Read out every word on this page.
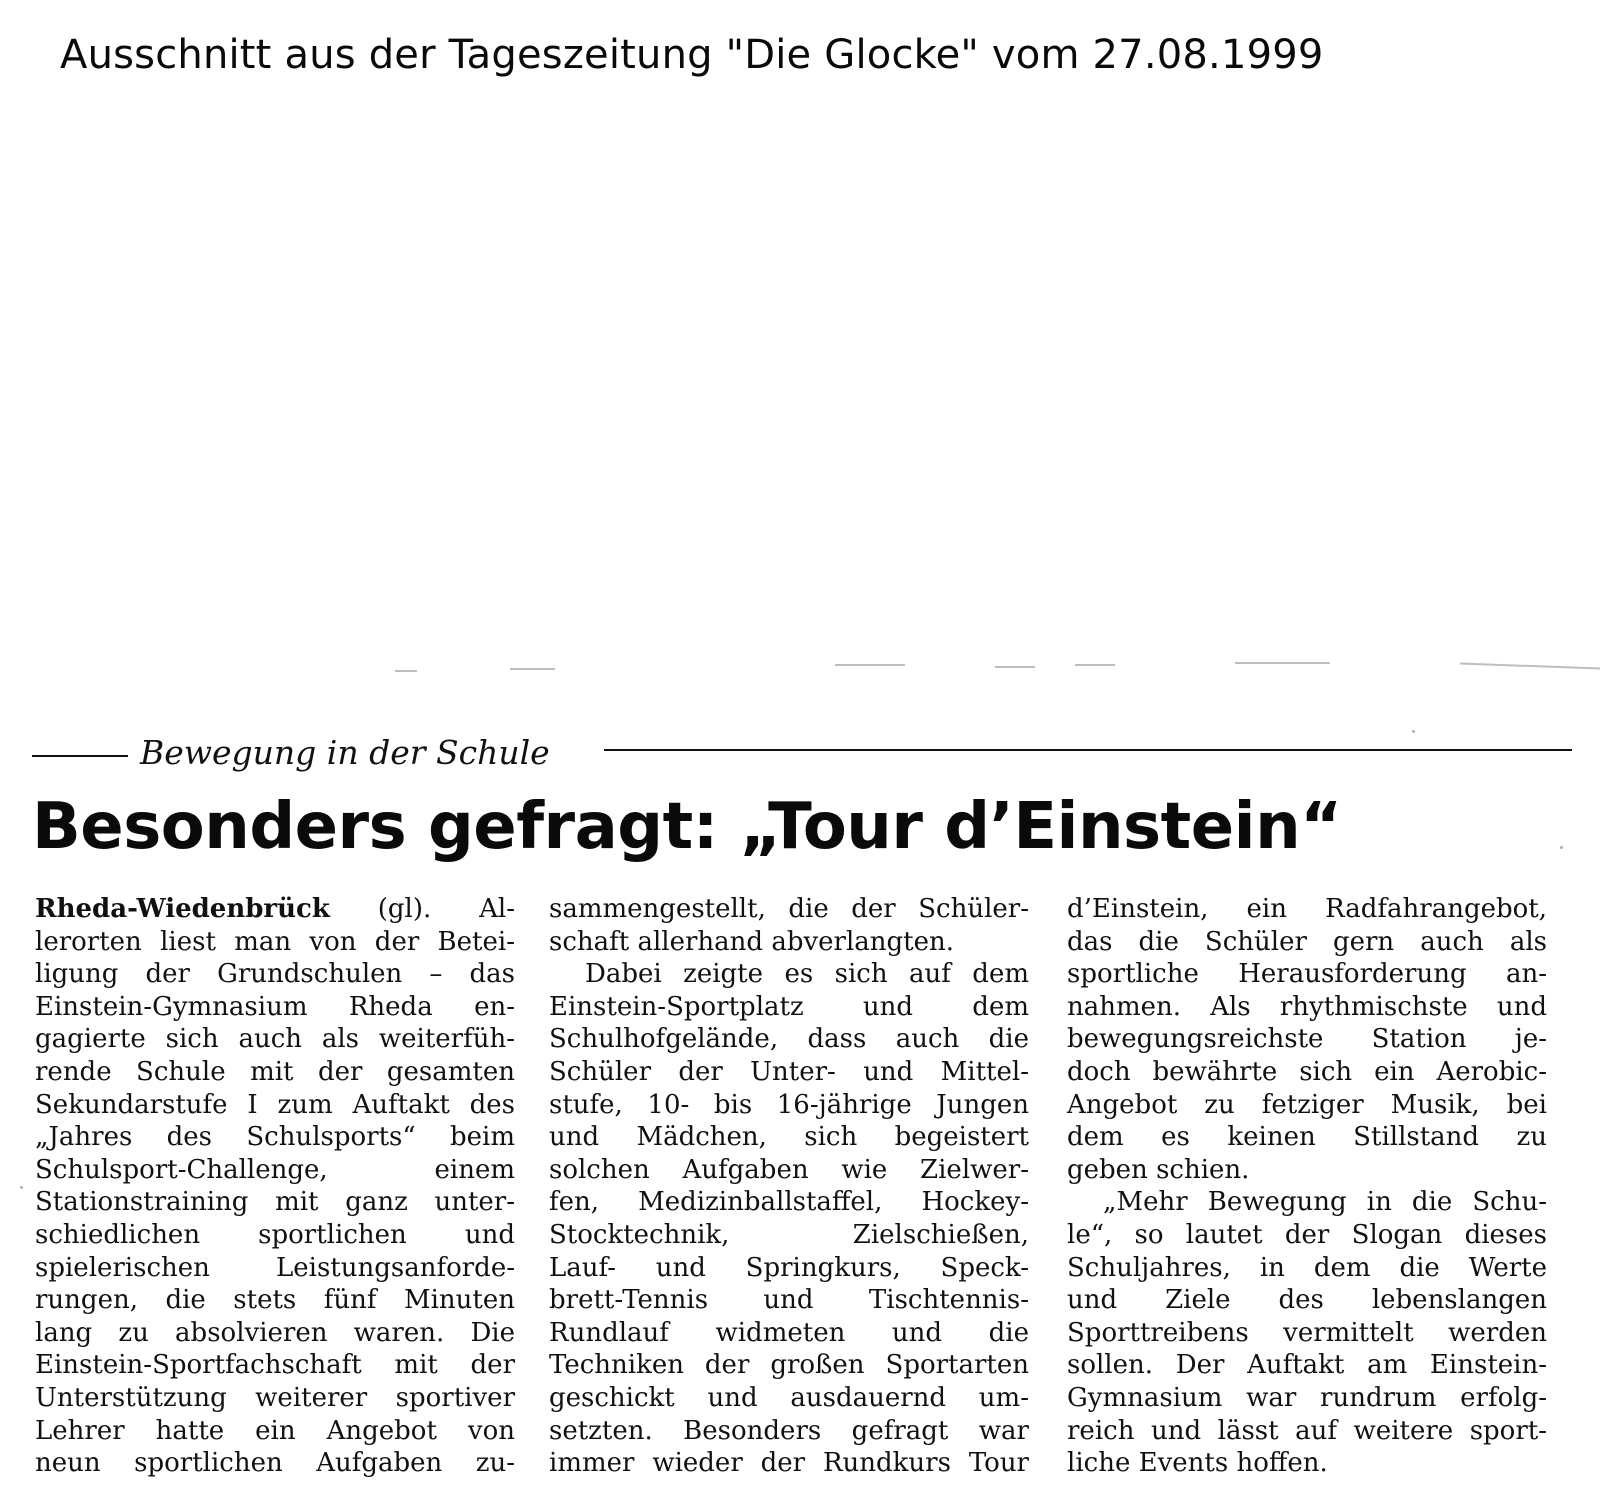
Ausschnitt aus der Tageszeitung "Die Glocke" vom 27.08.1999
Bewegung in der Schule
Besonders gefragt: „Tour d’Einstein“
Rheda-Wiedenbrück (gl). Al-
lerorten liest man von der Betei-
ligung der Grundschulen – das
Einstein-Gymnasium Rheda en-
gagierte sich auch als weiterfüh-
rende Schule mit der gesamten
Sekundarstufe I zum Auftakt des
„Jahres des Schulsports“ beim
Schulsport-Challenge, einem
Stationstraining mit ganz unter-
schiedlichen sportlichen und
spielerischen Leistungsanforde-
rungen, die stets fünf Minuten
lang zu absolvieren waren. Die
Einstein-Sportfachschaft mit der
Unterstützung weiterer sportiver
Lehrer hatte ein Angebot von
neun sportlichen Aufgaben zu-
sammengestellt, die der Schüler-
schaft allerhand abverlangten.
Dabei zeigte es sich auf dem
Einstein-Sportplatz und dem
Schulhofgelände, dass auch die
Schüler der Unter- und Mittel-
stufe, 10- bis 16-jährige Jungen
und Mädchen, sich begeistert
solchen Aufgaben wie Zielwer-
fen, Medizinballstaffel, Hockey-
Stocktechnik, Zielschießen,
Lauf- und Springkurs, Speck-
brett-Tennis und Tischtennis-
Rundlauf widmeten und die
Techniken der großen Sportarten
geschickt und ausdauernd um-
setzten. Besonders gefragt war
immer wieder der Rundkurs Tour
d’Einstein, ein Radfahrangebot,
das die Schüler gern auch als
sportliche Herausforderung an-
nahmen. Als rhythmischste und
bewegungsreichste Station je-
doch bewährte sich ein Aerobic-
Angebot zu fetziger Musik, bei
dem es keinen Stillstand zu
geben schien.
„Mehr Bewegung in die Schu-
le“, so lautet der Slogan dieses
Schuljahres, in dem die Werte
und Ziele des lebenslangen
Sporttreibens vermittelt werden
sollen. Der Auftakt am Einstein-
Gymnasium war rundrum erfolg-
reich und lässt auf weitere sport-
liche Events hoffen.
